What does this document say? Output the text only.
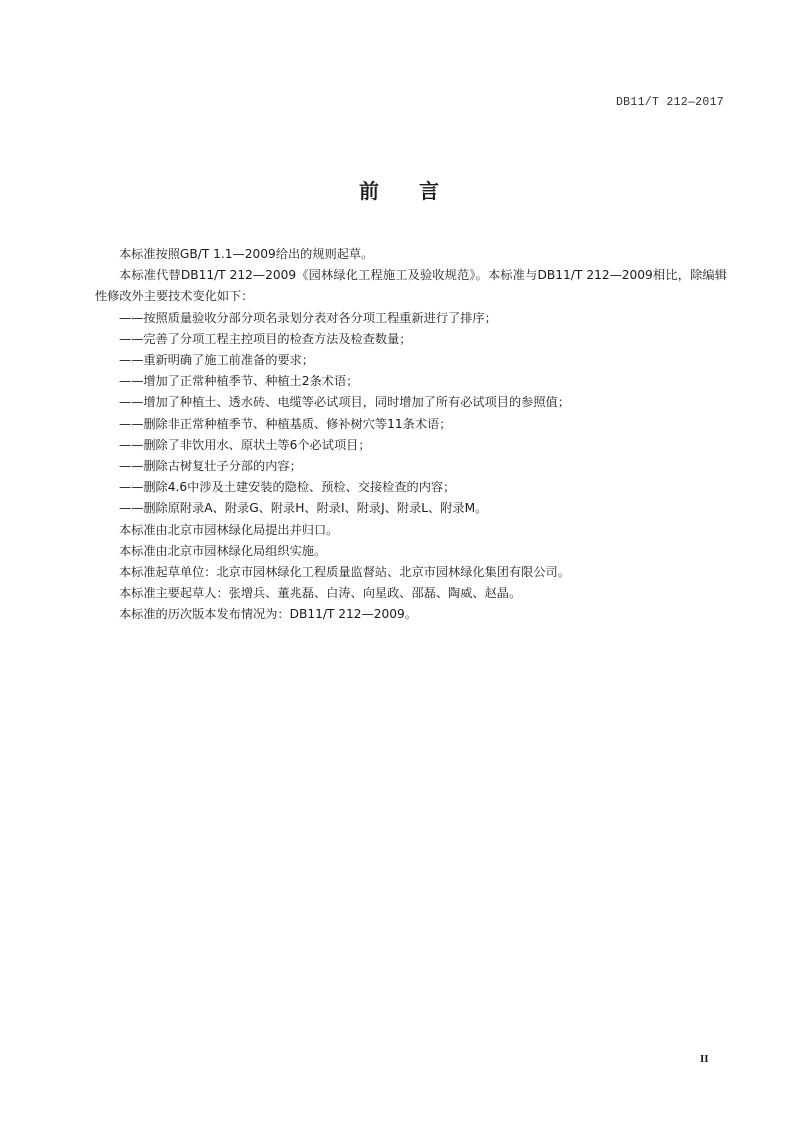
DB11/T 212—2017
前 言

本标准按照GB/T 1.1—2009给出的规则起草。

本标准代替DB11/T 212—2009《园林绿化工程施工及验收规范》。本标准与DB11/T 212—2009相比，除编辑性修改外主要技术变化如下：

——按照质量验收分部分项名录划分表对各分项工程重新进行了排序；

——完善了分项工程主控项目的检查方法及检查数量；

——重新明确了施工前准备的要求；

——增加了正常种植季节、种植土2条术语；

——增加了种植土、透水砖、电缆等必试项目，同时增加了所有必试项目的参照值；

——删除非正常种植季节、种植基质、修补树穴等11条术语；

——删除了非饮用水、原状土等6个必试项目；

——删除古树复壮子分部的内容；

——删除4.6中涉及土建安装的隐检、预检、交接检查的内容；

——删除原附录A、附录G、附录H、附录I、附录J、附录L、附录M。

本标准由北京市园林绿化局提出并归口。

本标准由北京市园林绿化局组织实施。

本标准起草单位：北京市园林绿化工程质量监督站、北京市园林绿化集团有限公司。

本标准主要起草人：张增兵、董兆磊、白涛、向星政、邵磊、陶威、赵晶。

本标准的历次版本发布情况为：DB11/T 212—2009。

II
